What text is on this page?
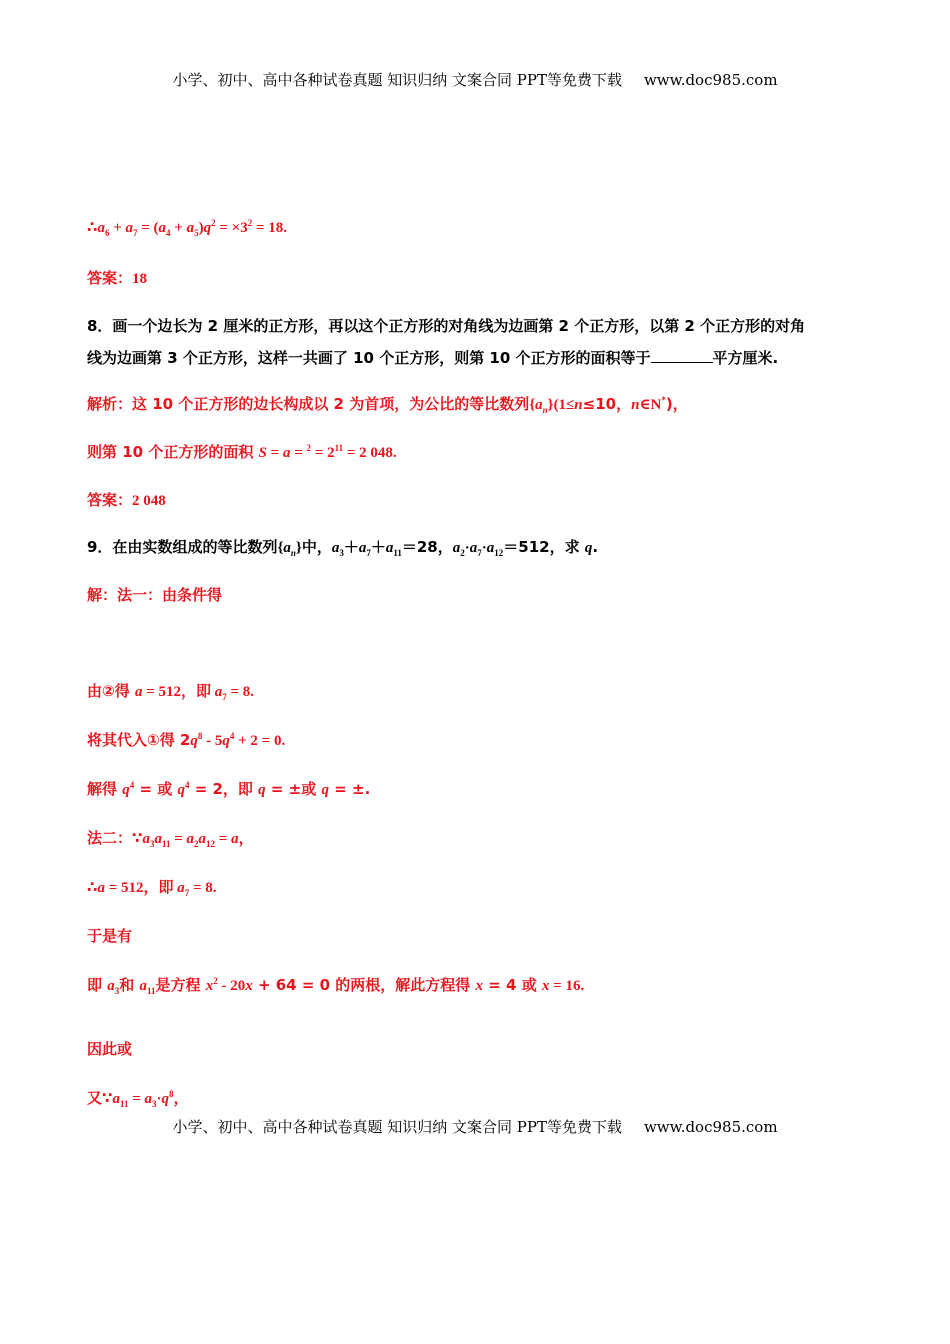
小学、初中、高中各种试卷真题 知识归纳 文案合同 PPT等免费下载 www.doc985.com
$\therefore a_6 + a_7 = (a_4 + a_5)q^2 = \times 3^2 = 18$.
答案：18
8．画一个边长为 2 厘米的正方形，再以这个正方形的对角线为边画第 2 个正方形，以第 2 个正方形的对角
线为边画第 3 个正方形，这样一共画了 10 个正方形，则第 10 个正方形的面积等于	平方厘米.
解析：这 10 个正方形的边长构成以 2 为首项，为公比的等比数列$\{a_n\}(1\le n\le 10$，n∈N*)，
则第 10 个正方形的面积 $S = a = ^2 = 2^{11} = 2$ 048.
答案：2 048
9．在由实数组成的等比数列$\{a_n\}$中，$a_3+a_7+a_{11}=28$，$a_2\cdot a_7\cdot a_{12}=512$，求 q.
解：法一：由条件得
由②得 a = 512，即 $a_7 = 8$.
将其代入①得 $2q^8 - 5q^4 + 2 = 0$.
解得 $q^4$ = 或 $q^4 = 2$，即 q = ±或 q = ±.
法二：$\because a_3a_{11} = a_2a_{12} = a$，
∴a = 512，即 $a_7 = 8$.
于是有
即 $a_3$和 $a_{11}$是方程 $x^2 - 20x + 64 = 0$ 的两根，解此方程得 x = 4 或 x = 16.
因此或
又$\because a_{11} = a_3\cdot q^8$，
小学、初中、高中各种试卷真题 知识归纳 文案合同 PPT等免费下载 www.doc985.com
